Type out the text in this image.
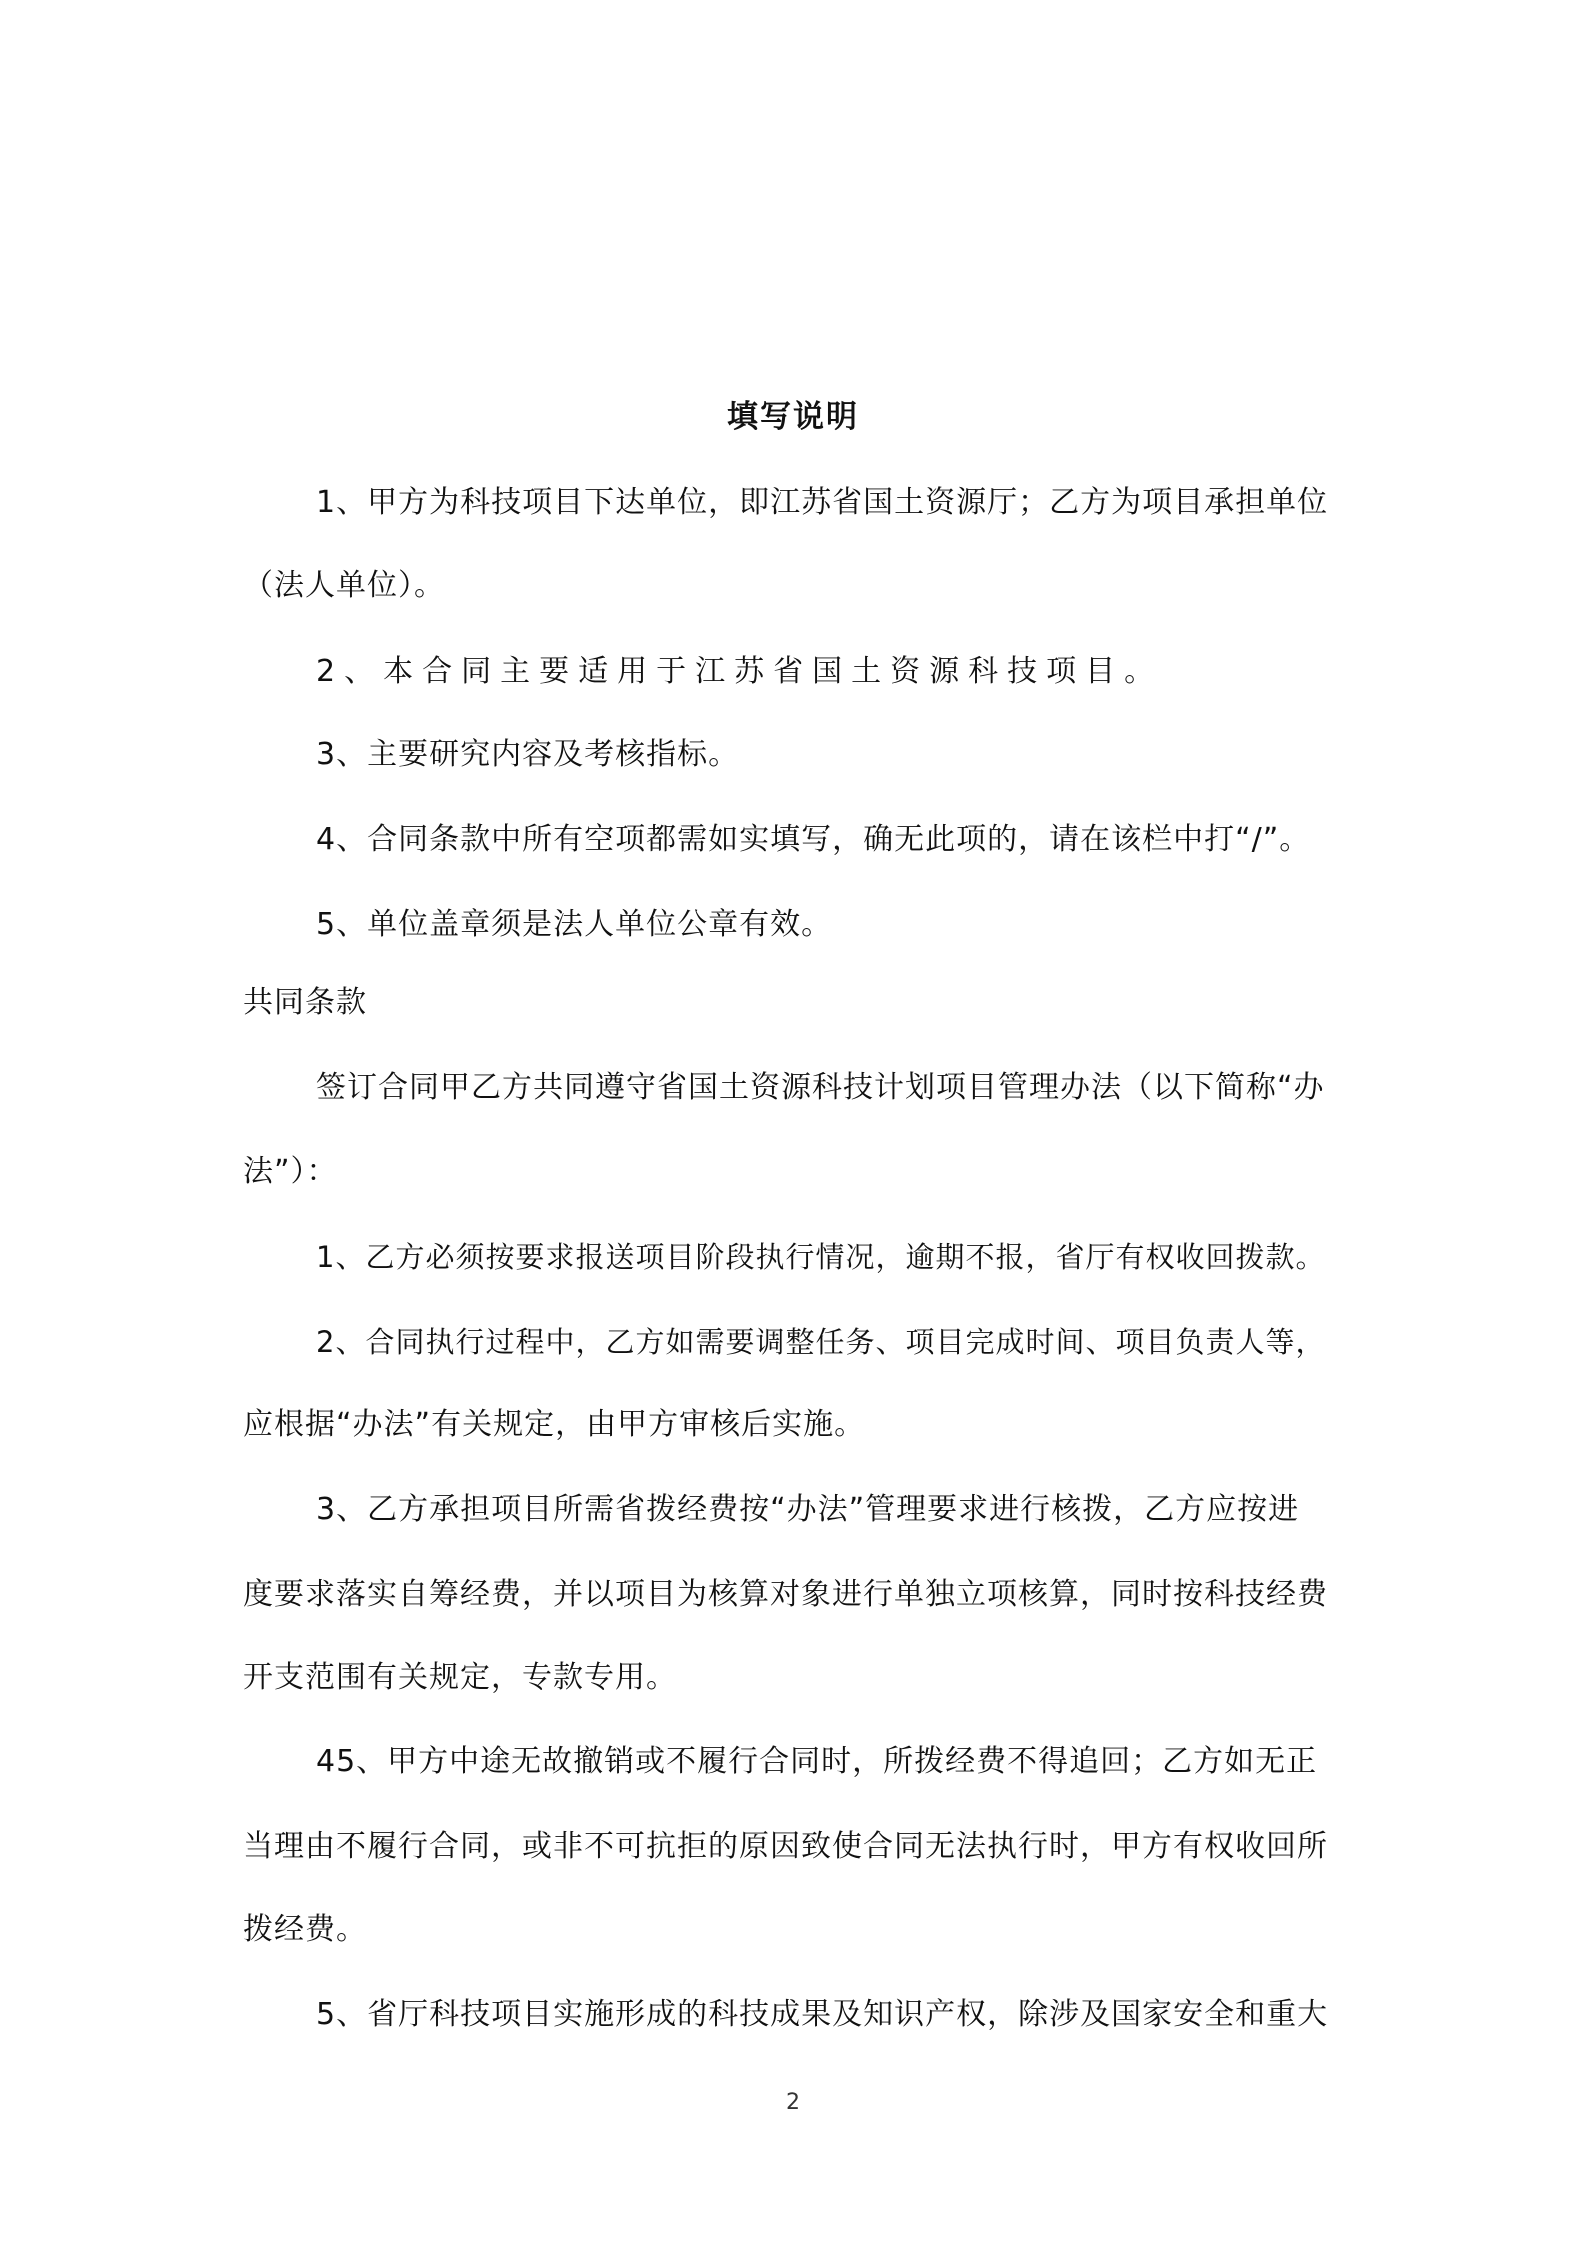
填写说明
1、甲方为科技项目下达单位，即江苏省国土资源厅；乙方为项目承担单位
（法人单位）。
2、本合同主要适用于江苏省国土资源科技项目。
3、主要研究内容及考核指标。
4、合同条款中所有空项都需如实填写，确无此项的，请在该栏中打“/”。
5、单位盖章须是法人单位公章有效。
共同条款
签订合同甲乙方共同遵守省国土资源科技计划项目管理办法（以下简称“办
法”）：
1、乙方必须按要求报送项目阶段执行情况，逾期不报，省厅有权收回拨款。
2、合同执行过程中，乙方如需要调整任务、项目完成时间、项目负责人等，
应根据“办法”有关规定，由甲方审核后实施。
3、乙方承担项目所需省拨经费按“办法”管理要求进行核拨，乙方应按进
度要求落实自筹经费，并以项目为核算对象进行单独立项核算，同时按科技经费
开支范围有关规定，专款专用。
45、甲方中途无故撤销或不履行合同时，所拨经费不得追回；乙方如无正
当理由不履行合同，或非不可抗拒的原因致使合同无法执行时，甲方有权收回所
拨经费。
5、省厅科技项目实施形成的科技成果及知识产权，除涉及国家安全和重大
2
